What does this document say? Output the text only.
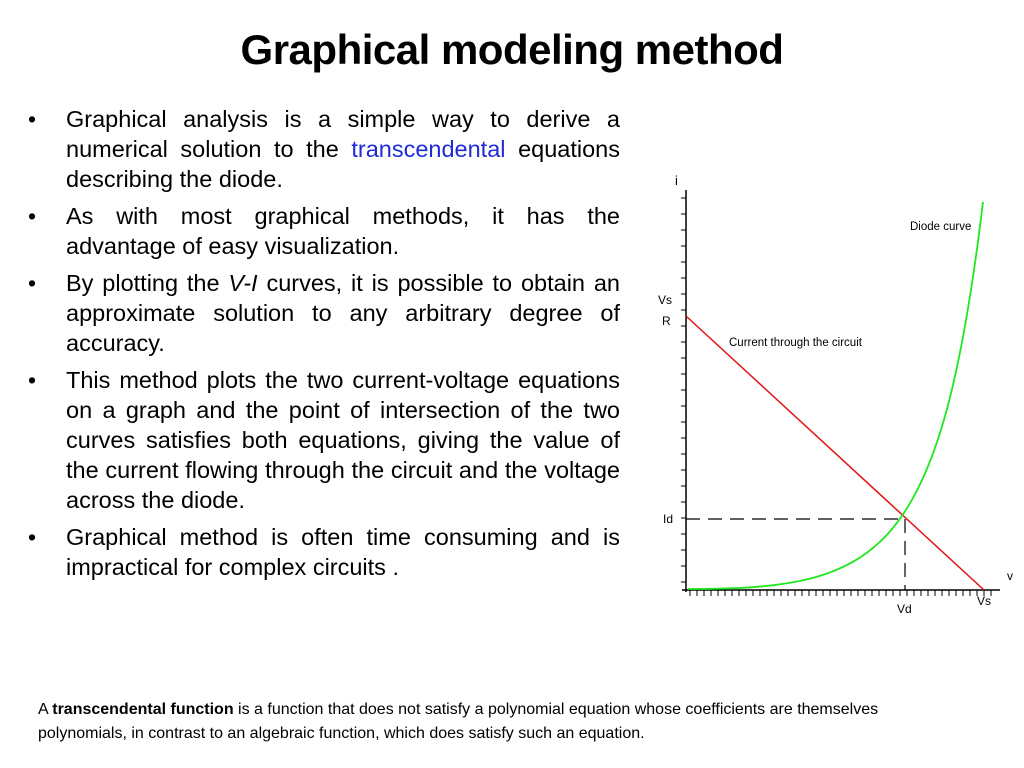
Graphical modeling method
• Graphical analysis is a simple way to derive a numerical solution to the transcendental equations describing the diode.
• As with most graphical methods, it has the advantage of easy visualization.
• By plotting the V-I curves, it is possible to obtain an approximate solution to any arbitrary degree of accuracy.
• This method plots the two current-voltage equations on a graph and the point of intersection of the two curves satisfies both equations, giving the value of the current flowing through the circuit and the voltage across the diode.
• Graphical method is often time consuming and is impractical for complex circuits .
i
v
Vs
R
Id
Vd
Vs
Diode curve
Current through the circuit

A transcendental function is a function that does not satisfy a polynomial equation whose coefficients are themselves polynomials, in contrast to an algebraic function, which does satisfy such an equation.
